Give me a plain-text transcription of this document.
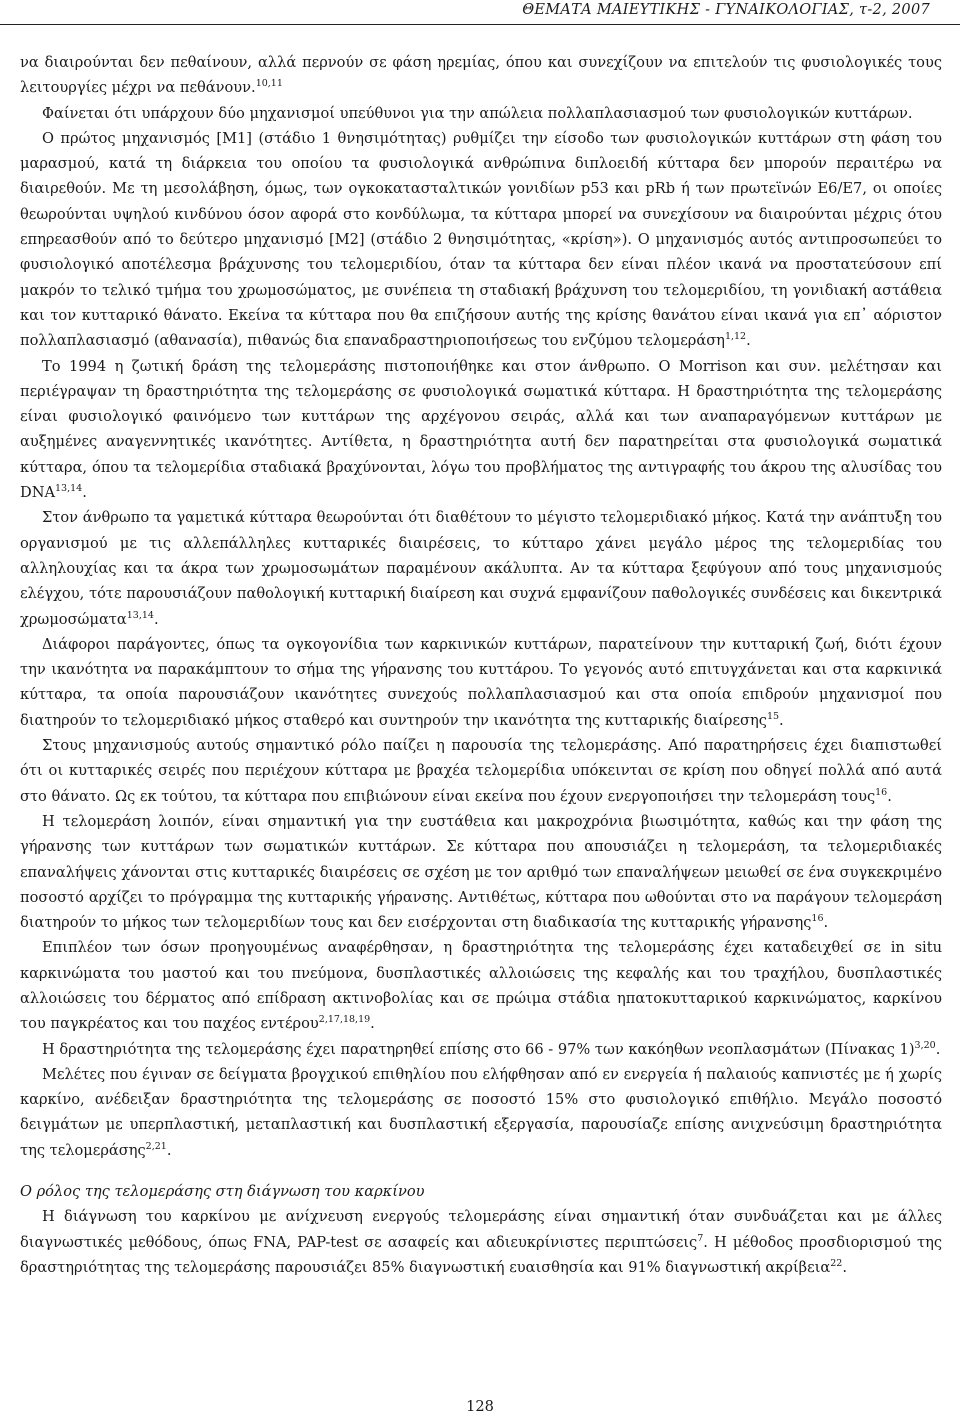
ΘΕΜΑΤΑ ΜΑΙΕΥΤΙΚΗΣ - ΓΥΝΑΙΚΟΛΟΓΙΑΣ, τ-2, 2007

να διαιρούνται δεν πεθαίνουν, αλλά περνούν σε φάση ηρεμίας, όπου και συνεχίζουν να επιτελούν τις φυσιολογικές τους λειτουργίες μέχρι να πεθάνουν.$^{10,11}$

Φαίνεται ότι υπάρχουν δύο μηχανισμοί υπεύθυνοι για την απώλεια πολλαπλασιασμού των φυσιολογικών κυττάρων.

Ο πρώτος μηχανισμός [M1] (στάδιο 1 θνησιμότητας) ρυθμίζει την είσοδο των φυσιολογικών κυττάρων στη φάση του μαρασμού, κατά τη διάρκεια του οποίου τα φυσιολογικά ανθρώπινα διπλοειδή κύτταρα δεν μπορούν περαιτέρω να διαιρεθούν. Με τη μεσολάβηση, όμως, των ογκοκατασταλτικών γονιδίων p53 και pRb ή των πρωτεϊνών E6/E7, οι οποίες θεωρούνται υψηλού κινδύνου όσον αφορά στο κονδύλωμα, τα κύτταρα μπορεί να συνεχίσουν να διαιρούνται μέχρις ότου επηρεασθούν από το δεύτερο μηχανισμό [M2] (στάδιο 2 θνησιμότητας, «κρίση»). Ο μηχανισμός αυτός αντιπροσωπεύει το φυσιολογικό αποτέλεσμα βράχυνσης του τελομεριδίου, όταν τα κύτταρα δεν είναι πλέον ικανά να προστατεύσουν επί μακρόν το τελικό τμήμα του χρωμοσώματος, με συνέπεια τη σταδιακή βράχυνση του τελομεριδίου, τη γονιδιακή αστάθεια και τον κυτταρικό θάνατο. Εκείνα τα κύτταρα που θα επιζήσουν αυτής της κρίσης θανάτου είναι ικανά για επ᾽ αόριστον πολλαπλασιασμό (αθανασία), πιθανώς δια επαναδραστηριοποιήσεως του ενζύμου τελομεράση$^{1,12}$.

Το 1994 η ζωτική δράση της τελομεράσης πιστοποιήθηκε και στον άνθρωπο. Ο Morrison και συν. μελέτησαν και περιέγραψαν τη δραστηριότητα της τελομεράσης σε φυσιολογικά σωματικά κύτταρα. Η δραστηριότητα της τελομεράσης είναι φυσιολογικό φαινόμενο των κυττάρων της αρχέγονου σειράς, αλλά και των αναπαραγόμενων κυττάρων με αυξημένες αναγεννητικές ικανότητες. Αντίθετα, η δραστηριότητα αυτή δεν παρατηρείται στα φυσιολογικά σωματικά κύτταρα, όπου τα τελομερίδια σταδιακά βραχύνονται, λόγω του προβλήματος της αντιγραφής του άκρου της αλυσίδας του DNA$^{13,14}$.

Στον άνθρωπο τα γαμετικά κύτταρα θεωρούνται ότι διαθέτουν το μέγιστο τελομεριδιακό μήκος. Κατά την ανάπτυξη του οργανισμού με τις αλλεπάλληλες κυτταρικές διαιρέσεις, το κύτταρο χάνει μεγάλο μέρος της τελομεριδίας του αλληλουχίας και τα άκρα των χρωμοσωμάτων παραμένουν ακάλυπτα. Αν τα κύτταρα ξεφύγουν από τους μηχανισμούς ελέγχου, τότε παρουσιάζουν παθολογική κυτταρική διαίρεση και συχνά εμφανίζουν παθολογικές συνδέσεις και δικεντρικά χρωμοσώματα$^{13,14}$.

Διάφοροι παράγοντες, όπως τα ογκογονίδια των καρκινικών κυττάρων, παρατείνουν την κυτταρική ζωή, διότι έχουν την ικανότητα να παρακάμπτουν το σήμα της γήρανσης του κυττάρου. Το γεγονός αυτό επιτυγχάνεται και στα καρκινικά κύτταρα, τα οποία παρουσιάζουν ικανότητες συνεχούς πολλαπλασιασμού και στα οποία επιδρούν μηχανισμοί που διατηρούν το τελομεριδιακό μήκος σταθερό και συντηρούν την ικανότητα της κυτταρικής διαίρεσης$^{15}$.

Στους μηχανισμούς αυτούς σημαντικό ρόλο παίζει η παρουσία της τελομεράσης. Από παρατηρήσεις έχει διαπιστωθεί ότι οι κυτταρικές σειρές που περιέχουν κύτταρα με βραχέα τελομερίδια υπόκεινται σε κρίση που οδηγεί πολλά από αυτά στο θάνατο. Ως εκ τούτου, τα κύτταρα που επιβιώνουν είναι εκείνα που έχουν ενεργοποιήσει την τελομεράση τους$^{16}$.

Η τελομεράση λοιπόν, είναι σημαντική για την ευστάθεια και μακροχρόνια βιωσιμότητα, καθώς και την φάση της γήρανσης των κυττάρων των σωματικών κυττάρων. Σε κύτταρα που απουσιάζει η τελομεράση, τα τελομεριδιακές επαναλήψεις χάνονται στις κυτταρικές διαιρέσεις σε σχέση με τον αριθμό των επαναλήψεων μειωθεί σε ένα συγκεκριμένο ποσοστό αρχίζει το πρόγραμμα της κυτταρικής γήρανσης. Αντιθέτως, κύτταρα που ωθούνται στο να παράγουν τελομεράση διατηρούν το μήκος των τελομεριδίων τους και δεν εισέρχονται στη διαδικασία της κυτταρικής γήρανσης$^{16}$.

Επιπλέον των όσων προηγουμένως αναφέρθησαν, η δραστηριότητα της τελομεράσης έχει καταδειχθεί σε in situ καρκινώματα του μαστού και του πνεύμονα, δυσπλαστικές αλλοιώσεις της κεφαλής και του τραχήλου, δυσπλαστικές αλλοιώσεις του δέρματος από επίδραση ακτινοβολίας και σε πρώιμα στάδια ηπατοκυτταρικού καρκινώματος, καρκίνου του παγκρέατος και του παχέος εντέρου$^{2,17,18,19}$.

Η δραστηριότητα της τελομεράσης έχει παρατηρηθεί επίσης στο 66 - 97% των κακόηθων νεοπλασμάτων (Πίνακας 1)$^{3,20}$.

Μελέτες που έγιναν σε δείγματα βρογχικού επιθηλίου που ελήφθησαν από εν ενεργεία ή παλαιούς καπνιστές με ή χωρίς καρκίνο, ανέδειξαν δραστηριότητα της τελομεράσης σε ποσοστό 15% στο φυσιολογικό επιθήλιο. Μεγάλο ποσοστό δειγμάτων με υπερπλαστική, μεταπλαστική και δυσπλαστική εξεργασία, παρουσίαζε επίσης ανιχνεύσιμη δραστηριότητα της τελομεράσης$^{2,21}$.

Ο ρόλος της τελομεράσης στη διάγνωση του καρκίνου

Η διάγνωση του καρκίνου με ανίχνευση ενεργούς τελομεράσης είναι σημαντική όταν συνδυάζεται και με άλλες διαγνωστικές μεθόδους, όπως FNA, PAP-test σε ασαφείς και αδιευκρίνιστες περιπτώσεις$^7$. Η μέθοδος προσδιορισμού της δραστηριότητας της τελομεράσης παρουσιάζει 85% διαγνωστική ευαισθησία και 91% διαγνωστική ακρίβεια$^{22}$.

128
